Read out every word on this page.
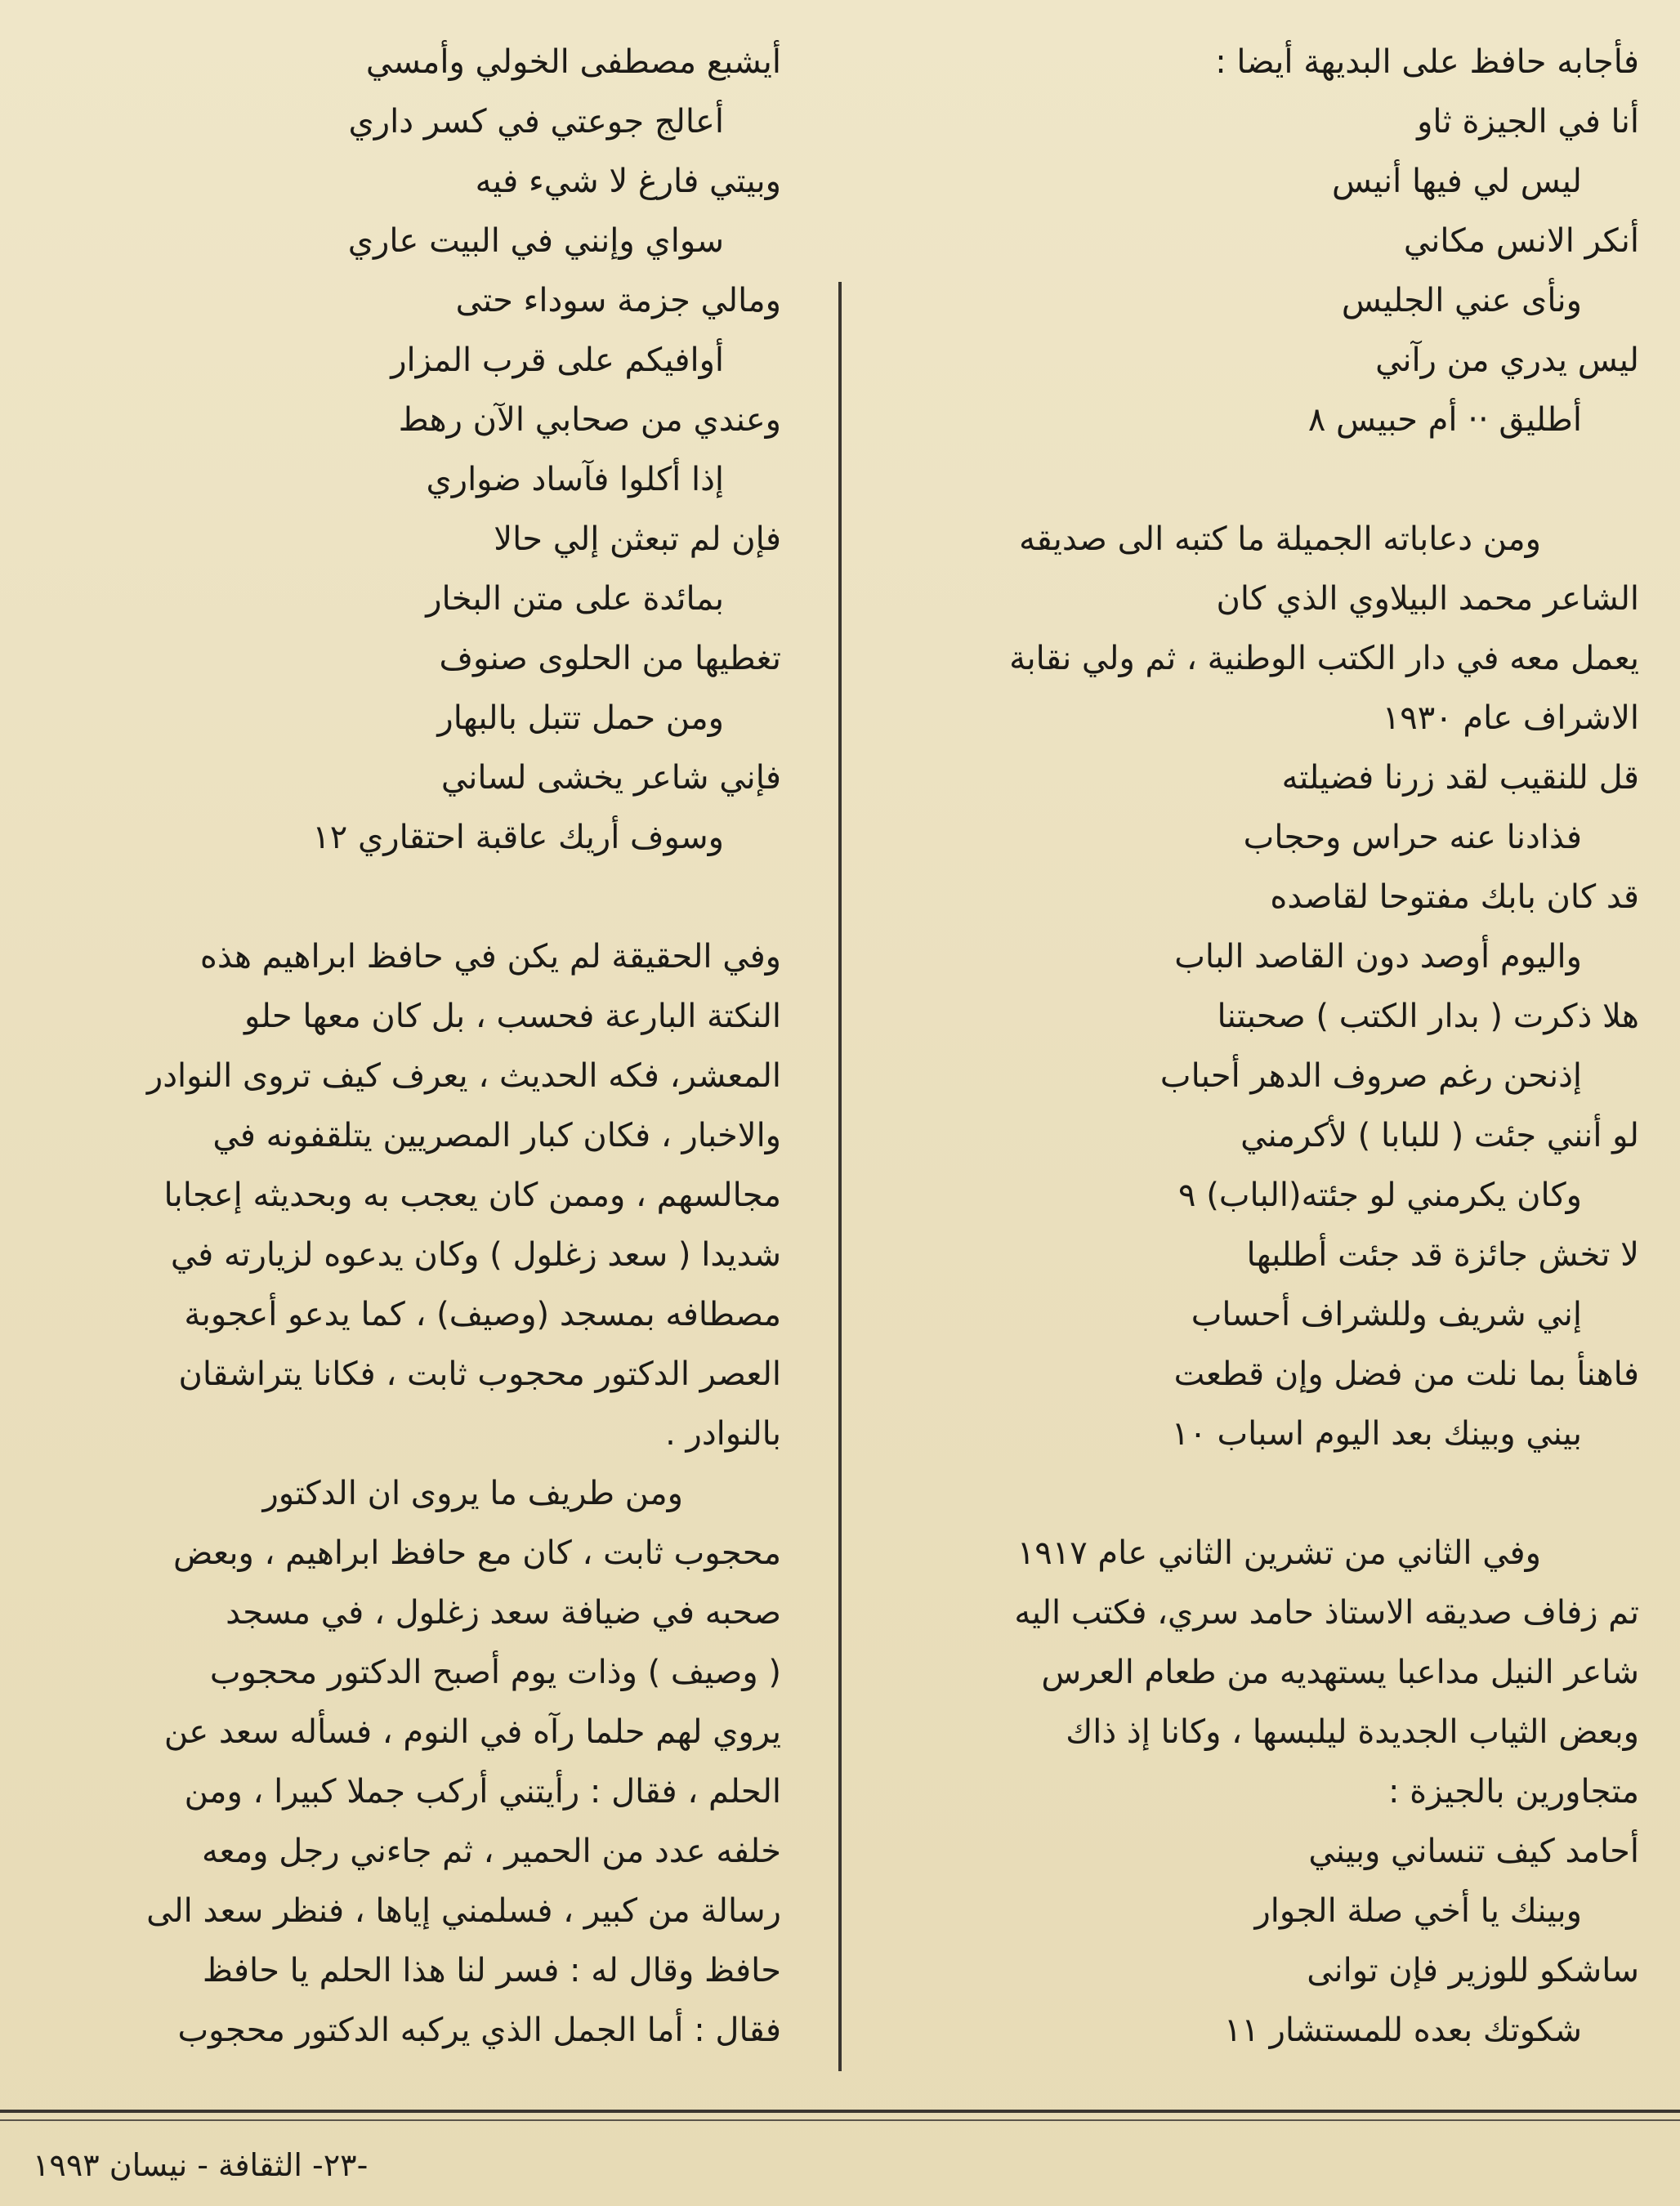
فأجابه حافظ على البديهة أيضا :
أنا في الجيزة ثاو
ليس لي فيها أنيس
أنكر الانس مكاني
ونأى عني الجليس
ليس يدري من رآني
أطليق ·· أم حبيس ٨
ومن دعاباته الجميلة ما كتبه الى صديقه
الشاعر محمد البيلاوي الذي كان
يعمل معه في دار الكتب الوطنية ، ثم ولي نقابة
الاشراف عام ١٩٣٠
قل للنقيب لقد زرنا فضيلته
فذادنا عنه حراس وحجاب
قد كان بابك مفتوحا لقاصده
واليوم أوصد دون القاصد الباب
هلا ذكرت ( بدار الكتب ) صحبتنا
إذنحن رغم صروف الدهر أحباب
لو أنني جئت ( للبابا ) لأكرمني
وكان يكرمني لو جئته(الباب) ٩
لا تخش جائزة قد جئت أطلبها
إني شريف وللشراف أحساب
فاهنأ بما نلت من فضل وإن قطعت
بيني وبينك بعد اليوم اسباب ١٠
وفي الثاني من تشرين الثاني عام ١٩١٧
تم زفاف صديقه الاستاذ حامد سري، فكتب اليه
شاعر النيل مداعبا يستهديه من طعام العرس
وبعض الثياب الجديدة ليلبسها ، وكانا إذ ذاك
متجاورين بالجيزة :
أحامد كيف تنساني وبيني
وبينك يا أخي صلة الجوار
ساشكو للوزير فإن توانى
شكوتك بعده للمستشار ١١
أيشبع مصطفى الخولي وأمسي
أعالج جوعتي في كسر داري
وبيتي فارغ لا شيء فيه
سواي وإنني في البيت عاري
ومالي جزمة سوداء حتى
أوافيكم على قرب المزار
وعندي من صحابي الآن رهط
إذا أكلوا فآساد ضواري
فإن لم تبعثن إلي حالا
بمائدة على متن البخار
تغطيها من الحلوى صنوف
ومن حمل تتبل بالبهار
فإني شاعر يخشى لساني
وسوف أريك عاقبة احتقاري ١٢
وفي الحقيقة لم يكن في حافظ ابراهيم هذه
النكتة البارعة فحسب ، بل كان معها حلو
المعشر، فكه الحديث ، يعرف كيف تروى النوادر
والاخبار ، فكان كبار المصريين يتلقفونه في
مجالسهم ، وممن كان يعجب به وبحديثه إعجابا
شديدا ( سعد زغلول ) وكان يدعوه لزيارته في
مصطافه بمسجد (وصيف) ، كما يدعو أعجوبة
العصر الدكتور محجوب ثابت ، فكانا يتراشقان
بالنوادر .
ومن طريف ما يروى ان الدكتور
محجوب ثابت ، كان مع حافظ ابراهيم ، وبعض
صحبه في ضيافة سعد زغلول ، في مسجد
( وصيف ) وذات يوم أصبح الدكتور محجوب
يروي لهم حلما رآه في النوم ، فسأله سعد عن
الحلم ، فقال : رأيتني أركب جملا كبيرا ، ومن
خلفه عدد من الحمير ، ثم جاءني رجل ومعه
رسالة من كبير ، فسلمني إياها ، فنظر سعد الى
حافظ وقال له : فسر لنا هذا الحلم يا حافظ
فقال : أما الجمل الذي يركبه الدكتور محجوب
-٢٣- الثقافة - نيسان ١٩٩٣
